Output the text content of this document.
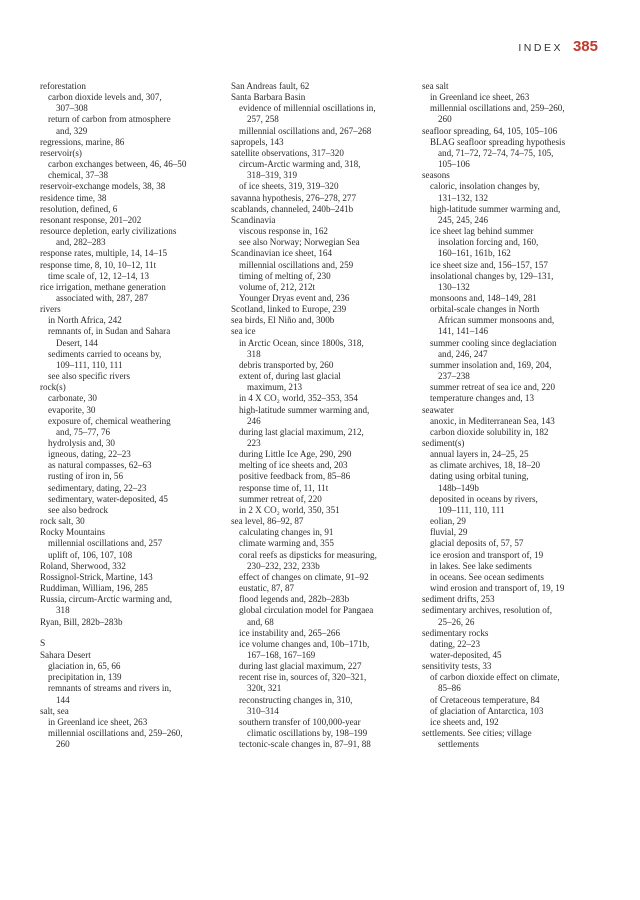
INDEX 385
reforestation
carbon dioxide levels and, 307,
307–308
return of carbon from atmosphere
and, 329
regressions, marine, 86
reservoir(s)
carbon exchanges between, 46, 46–50
chemical, 37–38
reservoir-exchange models, 38, 38
residence time, 38
resolution, defined, 6
resonant response, 201–202
resource depletion, early civilizations
and, 282–283
response rates, multiple, 14, 14–15
response time, 8, 10, 10–12, 11t
time scale of, 12, 12–14, 13
rice irrigation, methane generation
associated with, 287, 287
rivers
in North Africa, 242
remnants of, in Sudan and Sahara
Desert, 144
sediments carried to oceans by,
109–111, 110, 111
see also specific rivers
rock(s)
carbonate, 30
evaporite, 30
exposure of, chemical weathering
and, 75–77, 76
hydrolysis and, 30
igneous, dating, 22–23
as natural compasses, 62–63
rusting of iron in, 56
sedimentary, dating, 22–23
sedimentary, water-deposited, 45
see also bedrock
rock salt, 30
Rocky Mountains
millennial oscillations and, 257
uplift of, 106, 107, 108
Roland, Sherwood, 332
Rossignol-Strick, Martine, 143
Ruddiman, William, 196, 285
Russia, circum-Arctic warming and,
318
Ryan, Bill, 282b–283b
S
Sahara Desert
glaciation in, 65, 66
precipitation in, 139
remnants of streams and rivers in,
144
salt, sea
in Greenland ice sheet, 263
millennial oscillations and, 259–260,
260
San Andreas fault, 62
Santa Barbara Basin
evidence of millennial oscillations in,
257, 258
millennial oscillations and, 267–268
sapropels, 143
satellite observations, 317–320
circum-Arctic warming and, 318,
318–319, 319
of ice sheets, 319, 319–320
savanna hypothesis, 276–278, 277
scablands, channeled, 240b–241b
Scandinavia
viscous response in, 162
see also Norway; Norwegian Sea
Scandinavian ice sheet, 164
millennial oscillations and, 259
timing of melting of, 230
volume of, 212, 212t
Younger Dryas event and, 236
Scotland, linked to Europe, 239
sea birds, El Niño and, 300b
sea ice
in Arctic Ocean, since 1800s, 318,
318
debris transported by, 260
extent of, during last glacial
maximum, 213
in 4 X CO₂ world, 352–353, 354
high-latitude summer warming and,
246
during last glacial maximum, 212,
223
during Little Ice Age, 290, 290
melting of ice sheets and, 203
positive feedback from, 85–86
response time of, 11, 11t
summer retreat of, 220
in 2 X CO₂ world, 350, 351
sea level, 86–92, 87
calculating changes in, 91
climate warming and, 355
coral reefs as dipsticks for measuring,
230–232, 232, 233b
effect of changes on climate, 91–92
eustatic, 87, 87
flood legends and, 282b–283b
global circulation model for Pangaea
and, 68
ice instability and, 265–266
ice volume changes and, 10b–171b,
167–168, 167–169
during last glacial maximum, 227
recent rise in, sources of, 320–321,
320t, 321
reconstructing changes in, 310,
310–314
southern transfer of 100,000-year
climatic oscillations by, 198–199
tectonic-scale changes in, 87–91, 88
sea salt
in Greenland ice sheet, 263
millennial oscillations and, 259–260,
260
seafloor spreading, 64, 105, 105–106
BLAG seafloor spreading hypothesis
and, 71–72, 72–74, 74–75, 105,
105–106
seasons
caloric, insolation changes by,
131–132, 132
high-latitude summer warming and,
245, 245, 246
ice sheet lag behind summer
insolation forcing and, 160,
160–161, 161b, 162
ice sheet size and, 156–157, 157
insolational changes by, 129–131,
130–132
monsoons and, 148–149, 281
orbital-scale changes in North
African summer monsoons and,
141, 141–146
summer cooling since deglaciation
and, 246, 247
summer insolation and, 169, 204,
237–238
summer retreat of sea ice and, 220
temperature changes and, 13
seawater
anoxic, in Mediterranean Sea, 143
carbon dioxide solubility in, 182
sediment(s)
annual layers in, 24–25, 25
as climate archives, 18, 18–20
dating using orbital tuning,
148b–149b
deposited in oceans by rivers,
109–111, 110, 111
eolian, 29
fluvial, 29
glacial deposits of, 57, 57
ice erosion and transport of, 19
in lakes. See lake sediments
in oceans. See ocean sediments
wind erosion and transport of, 19, 19
sediment drifts, 253
sedimentary archives, resolution of,
25–26, 26
sedimentary rocks
dating, 22–23
water-deposited, 45
sensitivity tests, 33
of carbon dioxide effect on climate,
85–86
of Cretaceous temperature, 84
of glaciation of Antarctica, 103
ice sheets and, 192
settlements. See cities; village
settlements
